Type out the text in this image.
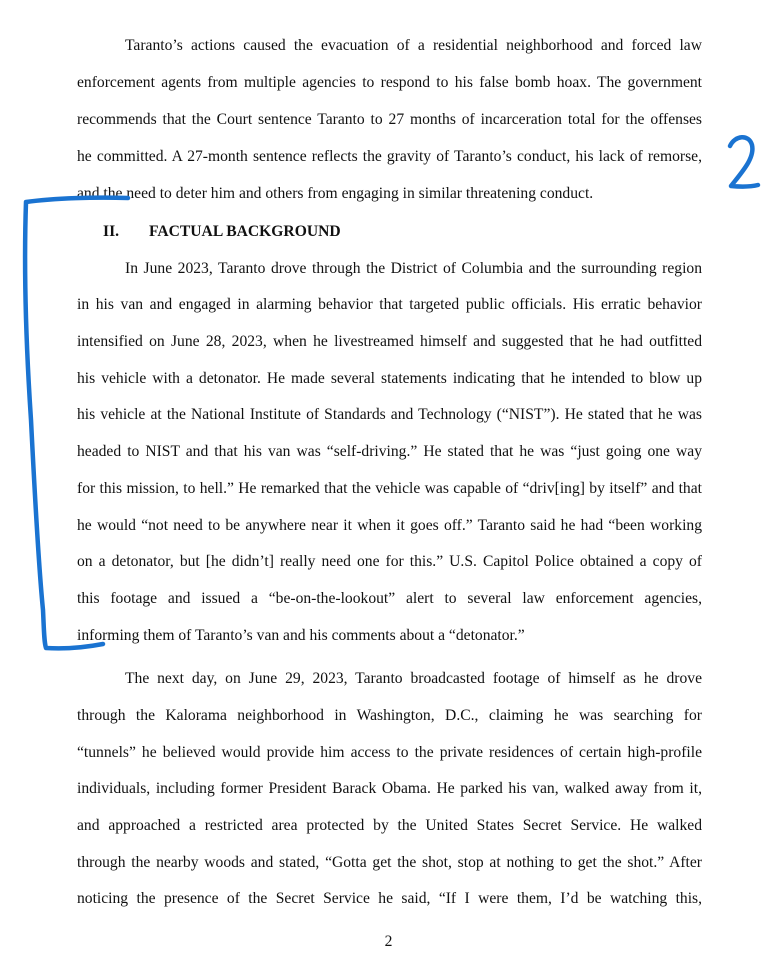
Taranto’s actions caused the evacuation of a residential neighborhood and forced law
enforcement agents from multiple agencies to respond to his false bomb hoax. The government
recommends that the Court sentence Taranto to 27 months of incarceration total for the offenses
he committed. A 27-month sentence reflects the gravity of Taranto’s conduct, his lack of remorse,
and the need to deter him and others from engaging in similar threatening conduct.
II. FACTUAL BACKGROUND
In June 2023, Taranto drove through the District of Columbia and the surrounding region
in his van and engaged in alarming behavior that targeted public officials. His erratic behavior
intensified on June 28, 2023, when he livestreamed himself and suggested that he had outfitted
his vehicle with a detonator. He made several statements indicating that he intended to blow up
his vehicle at the National Institute of Standards and Technology (“NIST”). He stated that he was
headed to NIST and that his van was “self-driving.” He stated that he was “just going one way
for this mission, to hell.” He remarked that the vehicle was capable of “driv[ing] by itself” and that
he would “not need to be anywhere near it when it goes off.” Taranto said he had “been working
on a detonator, but [he didn’t] really need one for this.” U.S. Capitol Police obtained a copy of
this footage and issued a “be-on-the-lookout” alert to several law enforcement agencies,
informing them of Taranto’s van and his comments about a “detonator.”
The next day, on June 29, 2023, Taranto broadcasted footage of himself as he drove
through the Kalorama neighborhood in Washington, D.C., claiming he was searching for
“tunnels” he believed would provide him access to the private residences of certain high-profile
individuals, including former President Barack Obama. He parked his van, walked away from it,
and approached a restricted area protected by the United States Secret Service. He walked
through the nearby woods and stated, “Gotta get the shot, stop at nothing to get the shot.” After
noticing the presence of the Secret Service he said, “If I were them, I’d be watching this,
2
